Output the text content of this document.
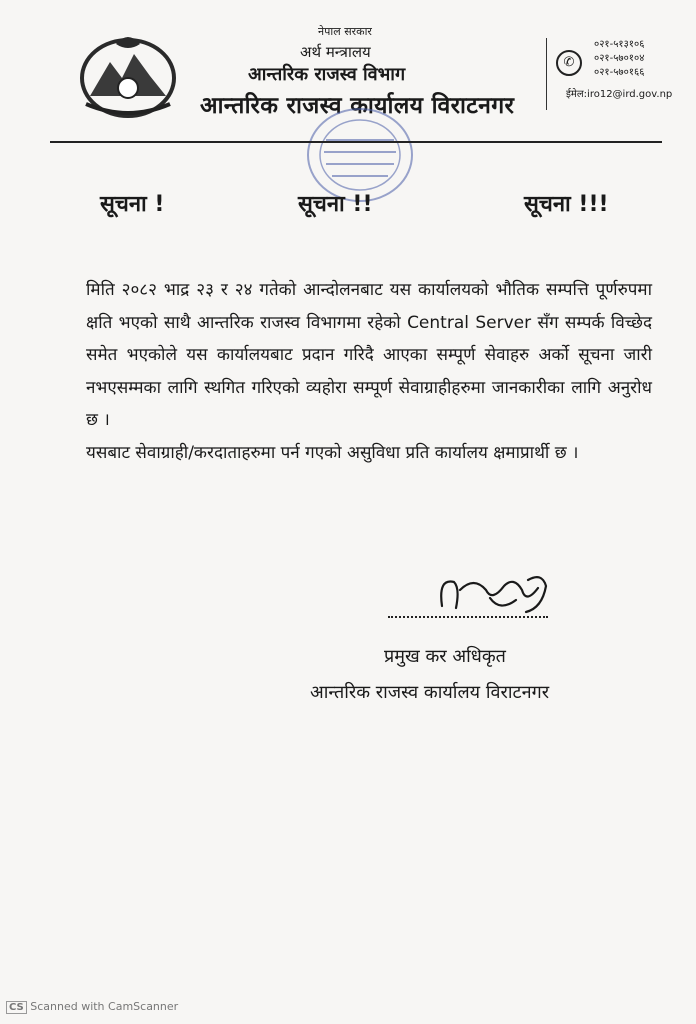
नेपाल सरकार
अर्थ मन्त्रालय
आन्तरिक राजस्व विभाग
आन्तरिक राजस्व कार्यालय विराटनगर
✆
०२१-५१३१०६
०२१-५७०१०४
०२१-५७०१६६
ईमेल:iro12@ird.gov.np
सूचना !	सूचना !!	सूचना !!!

मिति २०८२ भाद्र २३ र २४ गतेको आन्दोलनबाट यस कार्यालयको भौतिक सम्पत्ति पूर्णरुपमा क्षति भएको साथै आन्तरिक राजस्व विभागमा रहेको Central Server सँग सम्पर्क विच्छेद समेत भएकोले यस कार्यालयबाट प्रदान गरिदै आएका सम्पूर्ण सेवाहरु अर्को सूचना जारी नभएसम्मका लागि स्थगित गरिएको व्यहोरा सम्पूर्ण सेवाग्राहीहरुमा जानकारीका लागि अनुरोध छ ।

यसबाट सेवाग्राही/करदाताहरुमा पर्न गएको असुविधा प्रति कार्यालय क्षमाप्रार्थी छ ।

प्रमुख कर अधिकृत
आन्तरिक राजस्व कार्यालय विराटनगर
CS Scanned with CamScanner
